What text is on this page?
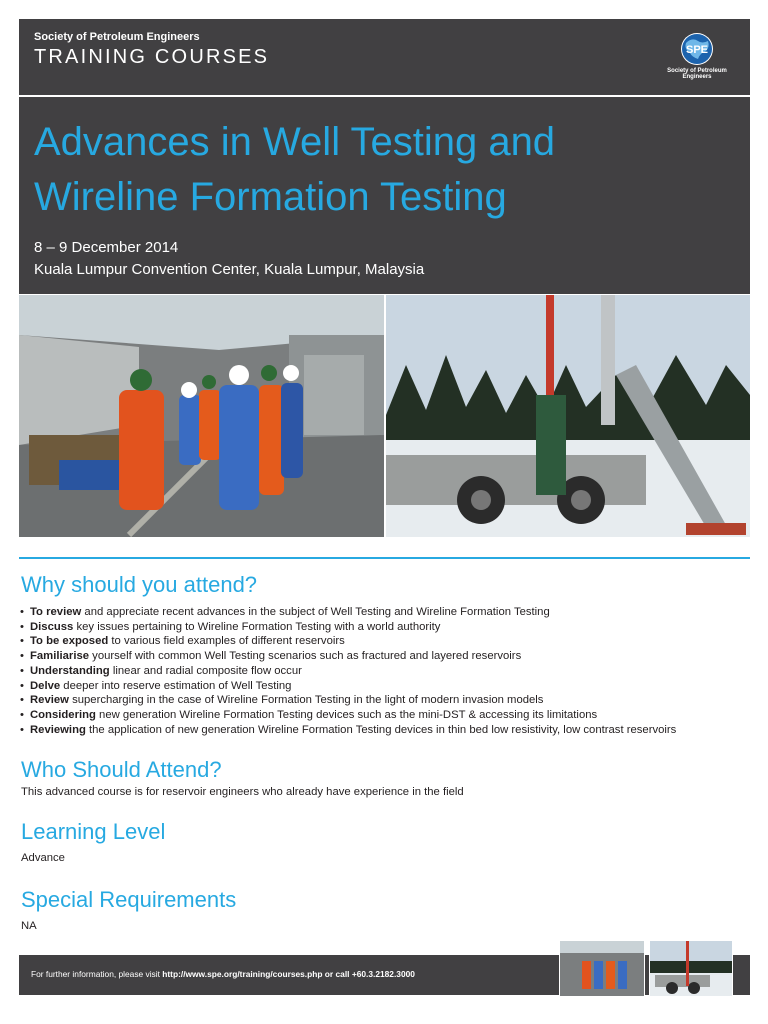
Society of Petroleum Engineers
TRAINING COURSES	SPE
Society of Petroleum Engineers
Advances in Well Testing and
Wireline Formation Testing
8 – 9 December 2014
Kuala Lumpur Convention Center, Kuala Lumpur, Malaysia
Why should you attend?
• To review and appreciate recent advances in the subject of Well Testing and Wireline Formation Testing
• Discuss key issues pertaining to Wireline Formation Testing with a world authority
• To be exposed to various field examples of different reservoirs
• Familiarise yourself with common Well Testing scenarios such as fractured and layered reservoirs
• Understanding linear and radial composite flow occur
• Delve deeper into reserve estimation of Well Testing
• Review supercharging in the case of Wireline Formation Testing in the light of modern invasion models
• Considering new generation Wireline Formation Testing devices such as the mini-DST & accessing its limitations
• Reviewing the application of new generation Wireline Formation Testing devices in thin bed low resistivity, low contrast reservoirs
Who Should Attend?
This advanced course is for reservoir engineers who already have experience in the field
Learning Level
Advance
Special Requirements
NA
For further information, please visit http://www.spe.org/training/courses.php or call +60.3.2182.3000
